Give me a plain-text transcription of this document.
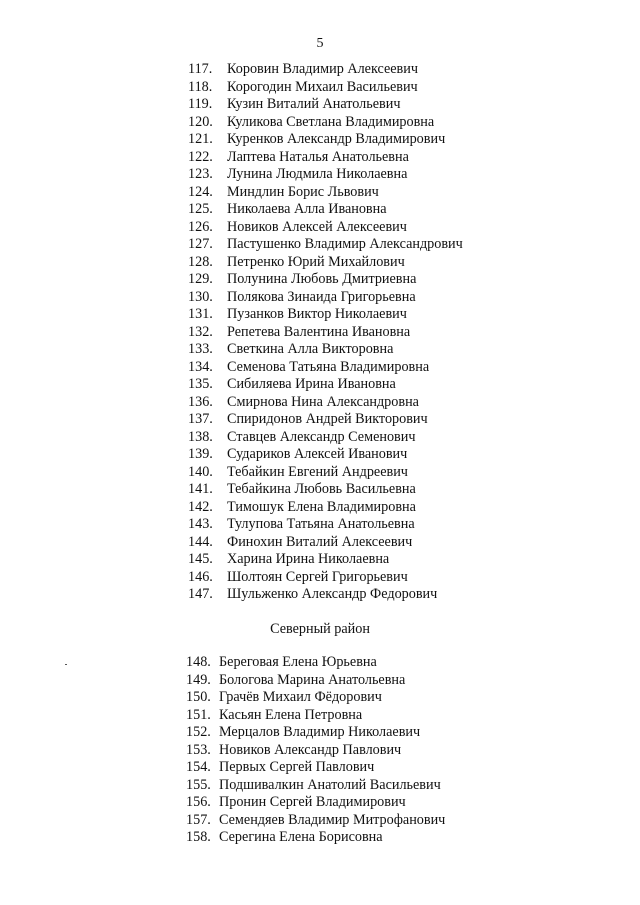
5
117. Коровин Владимир Алексеевич
118. Корогодин Михаил Васильевич
119. Кузин Виталий Анатольевич
120. Куликова Светлана Владимировна
121. Куренков Александр Владимирович
122. Лаптева Наталья Анатольевна
123. Лунина Людмила Николаевна
124. Миндлин Борис Львович
125. Николаева Алла Ивановна
126. Новиков Алексей Алексеевич
127. Пастушенко Владимир Александрович
128. Петренко Юрий Михайлович
129. Полунина Любовь Дмитриевна
130. Полякова Зинаида Григорьевна
131. Пузанков Виктор Николаевич
132. Репетева Валентина Ивановна
133. Светкина Алла Викторовна
134. Семенова Татьяна Владимировна
135. Сибиляева Ирина Ивановна
136. Смирнова Нина Александровна
137. Спиридонов Андрей Викторович
138. Ставцев Александр Семенович
139. Судариков Алексей Иванович
140. Тебайкин Евгений Андреевич
141. Тебайкина Любовь Васильевна
142. Тимошук Елена Владимировна
143. Тулупова Татьяна Анатольевна
144. Финохин Виталий Алексеевич
145. Харина Ирина Николаевна
146. Шолтоян Сергей Григорьевич
147. Шульженко Александр Федорович
Северный район
148. Береговая Елена Юрьевна
149. Бологова Марина Анатольевна
150. Грачёв Михаил Фёдорович
151. Касьян Елена Петровна
152. Мерцалов Владимир Николаевич
153. Новиков Александр Павлович
154. Первых Сергей Павлович
155. Подшивалкин Анатолий Васильевич
156. Пронин Сергей Владимирович
157. Семендяев Владимир Митрофанович
158. Серегина Елена Борисовна
